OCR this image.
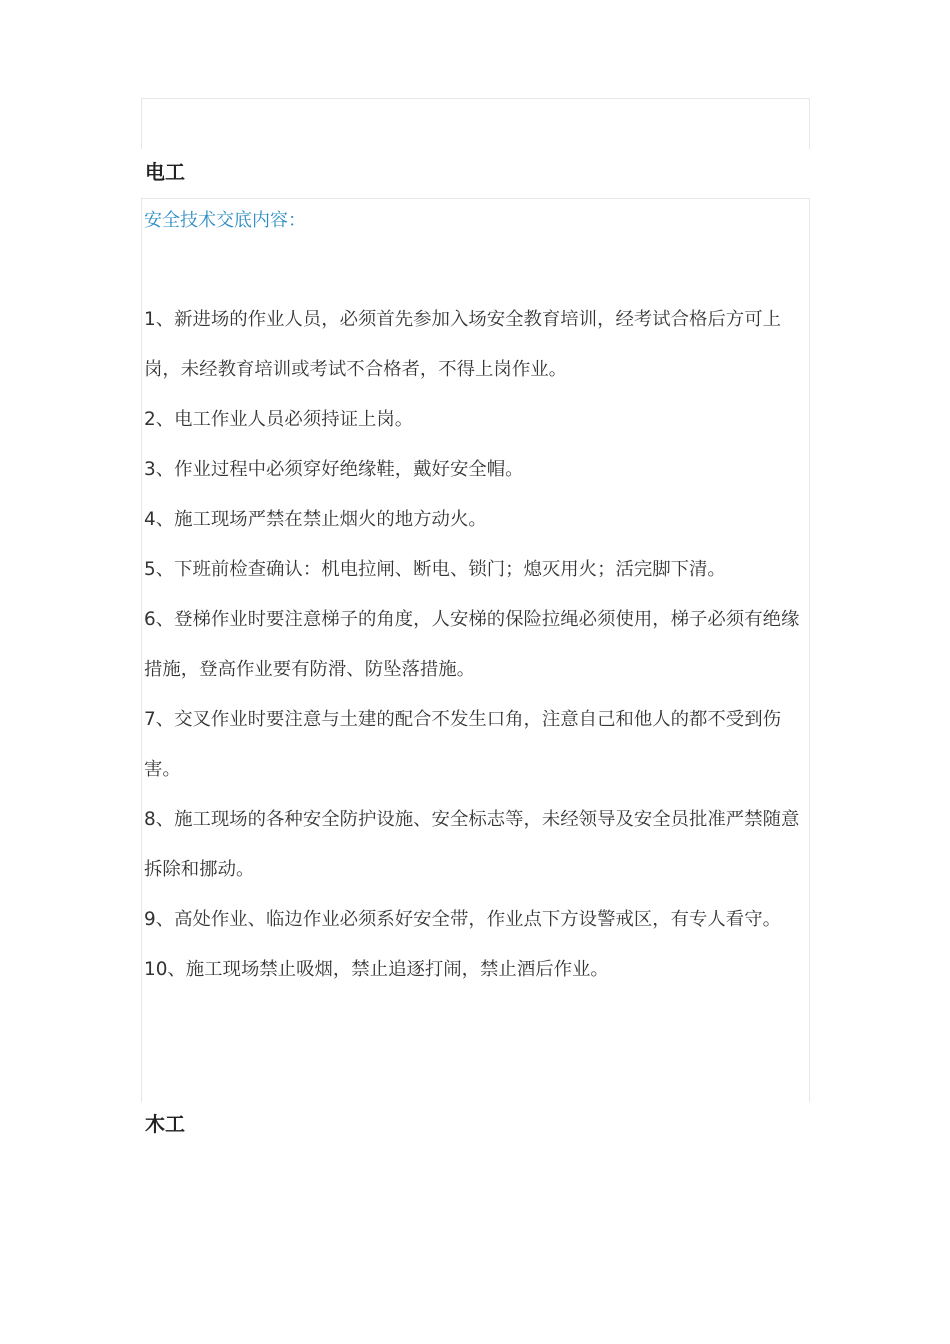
电工

安全技术交底内容：

1、新进场的作业人员，必须首先参加入场安全教育培训，经考试合格后方可上岗，未经教育培训或考试不合格者，不得上岗作业。
2、电工作业人员必须持证上岗。
3、作业过程中必须穿好绝缘鞋，戴好安全帽。
4、施工现场严禁在禁止烟火的地方动火。
5、下班前检查确认：机电拉闸、断电、锁门；熄灭用火；活完脚下清。
6、登梯作业时要注意梯子的角度，人安梯的保险拉绳必须使用，梯子必须有绝缘措施，登高作业要有防滑、防坠落措施。
7、交叉作业时要注意与土建的配合不发生口角，注意自己和他人的都不受到伤害。
8、施工现场的各种安全防护设施、安全标志等，未经领导及安全员批准严禁随意拆除和挪动。
9、高处作业、临边作业必须系好安全带，作业点下方设警戒区，有专人看守。
10、施工现场禁止吸烟，禁止追逐打闹，禁止酒后作业。
木工
